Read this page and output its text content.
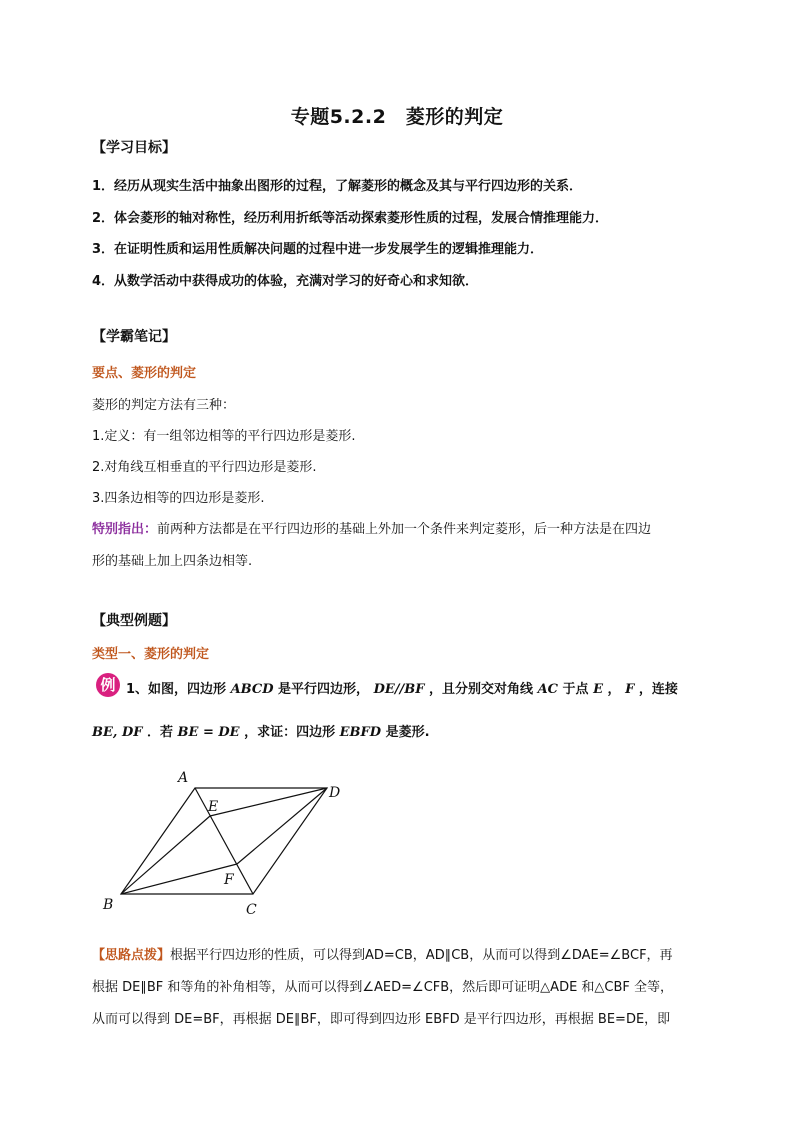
专题5.2.2　菱形的判定
【学习目标】
1．经历从现实生活中抽象出图形的过程，了解菱形的概念及其与平行四边形的关系．
2．体会菱形的轴对称性，经历利用折纸等活动探索菱形性质的过程，发展合情推理能力．
3．在证明性质和运用性质解决问题的过程中进一步发展学生的逻辑推理能力．
4．从数学活动中获得成功的体验，充满对学习的好奇心和求知欲．
【学霸笔记】
要点、菱形的判定
菱形的判定方法有三种：
1.定义：有一组邻边相等的平行四边形是菱形.
2.对角线互相垂直的平行四边形是菱形.
3.四条边相等的四边形是菱形.
特别指出：前两种方法都是在平行四边形的基础上外加一个条件来判定菱形，后一种方法是在四边
形的基础上加上四条边相等.
【典型例题】
类型一、菱形的判定
例 1、如图，四边形 ABCD 是平行四边形， DE//BF ，且分别交对角线 AC 于点 E ， F ，连接
BE, DF ．若 BE = DE ，求证：四边形 EBFD 是菱形.
A
D
E
F
B	C
【思路点拨】根据平行四边形的性质，可以得到AD=CB，AD∥CB，从而可以得到∠DAE=∠BCF，再
根据 DE∥BF 和等角的补角相等，从而可以得到∠AED=∠CFB，然后即可证明△ADE 和△CBF 全等，
从而可以得到 DE=BF，再根据 DE∥BF，即可得到四边形 EBFD 是平行四边形，再根据 BE=DE，即
